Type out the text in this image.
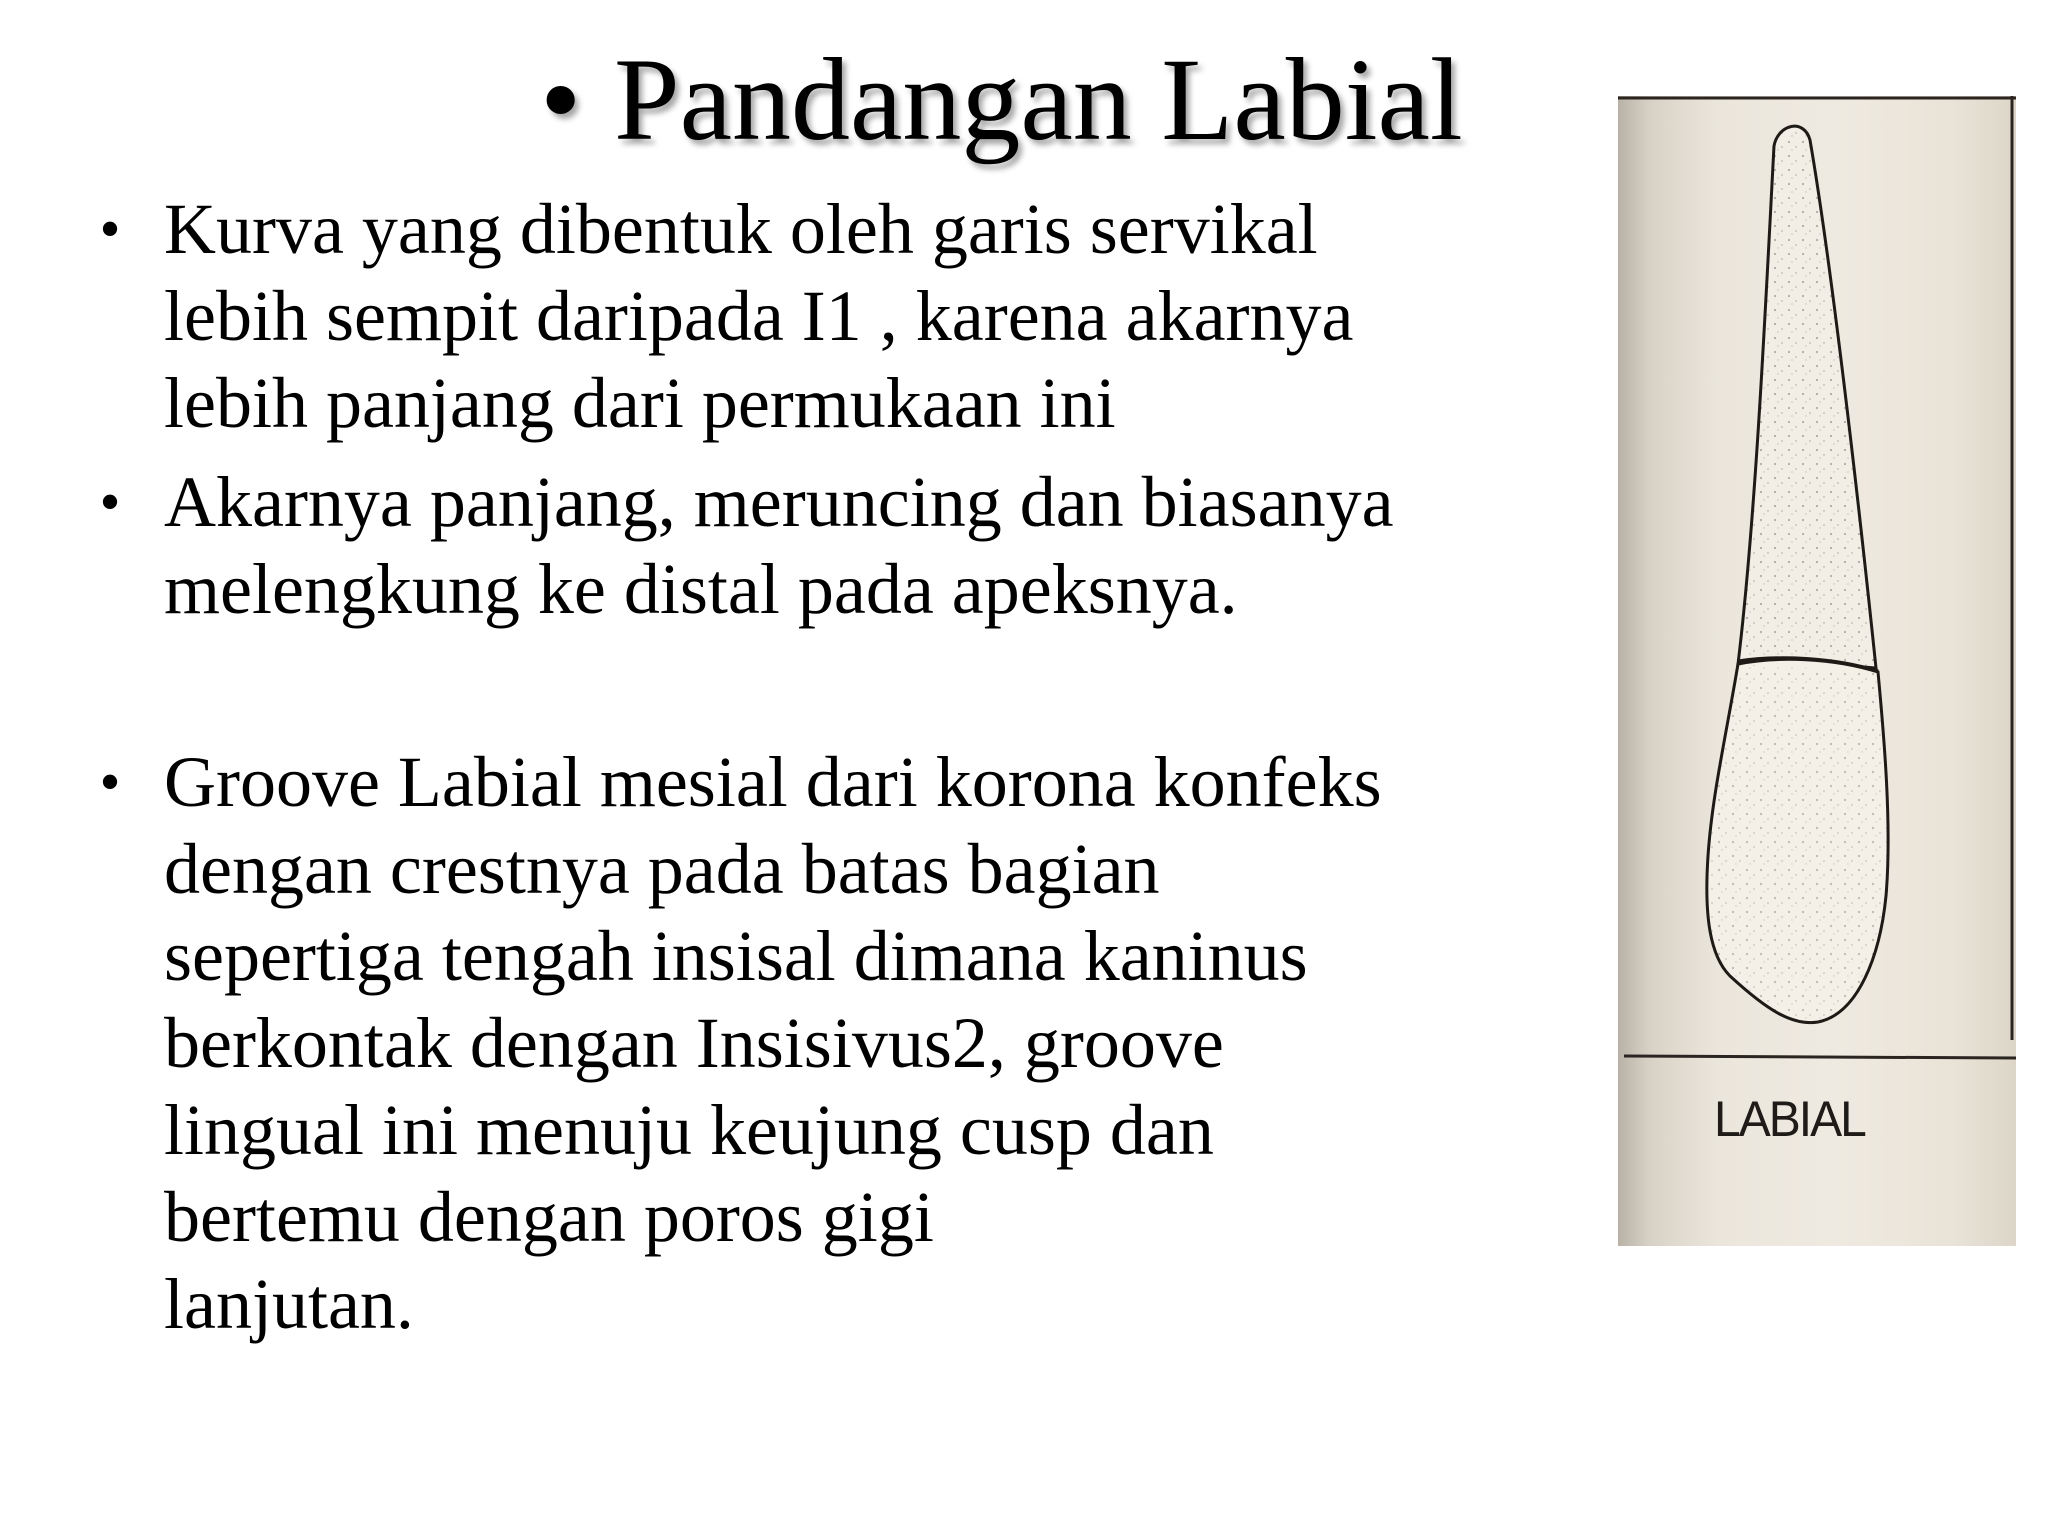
• Pandangan Labial
• Kurva yang dibentuk oleh garis servikal
lebih sempit daripada I1 , karena akarnya
lebih panjang dari permukaan ini
• Akarnya panjang, meruncing dan biasanya
melengkung ke distal pada apeksnya.
• Groove Labial mesial dari korona konfeks
dengan crestnya pada batas bagian
sepertiga tengah insisal dimana kaninus
berkontak dengan Insisivus2, groove
lingual ini menuju keujung cusp dan
bertemu dengan poros gigi
lanjutan.
LABIAL
